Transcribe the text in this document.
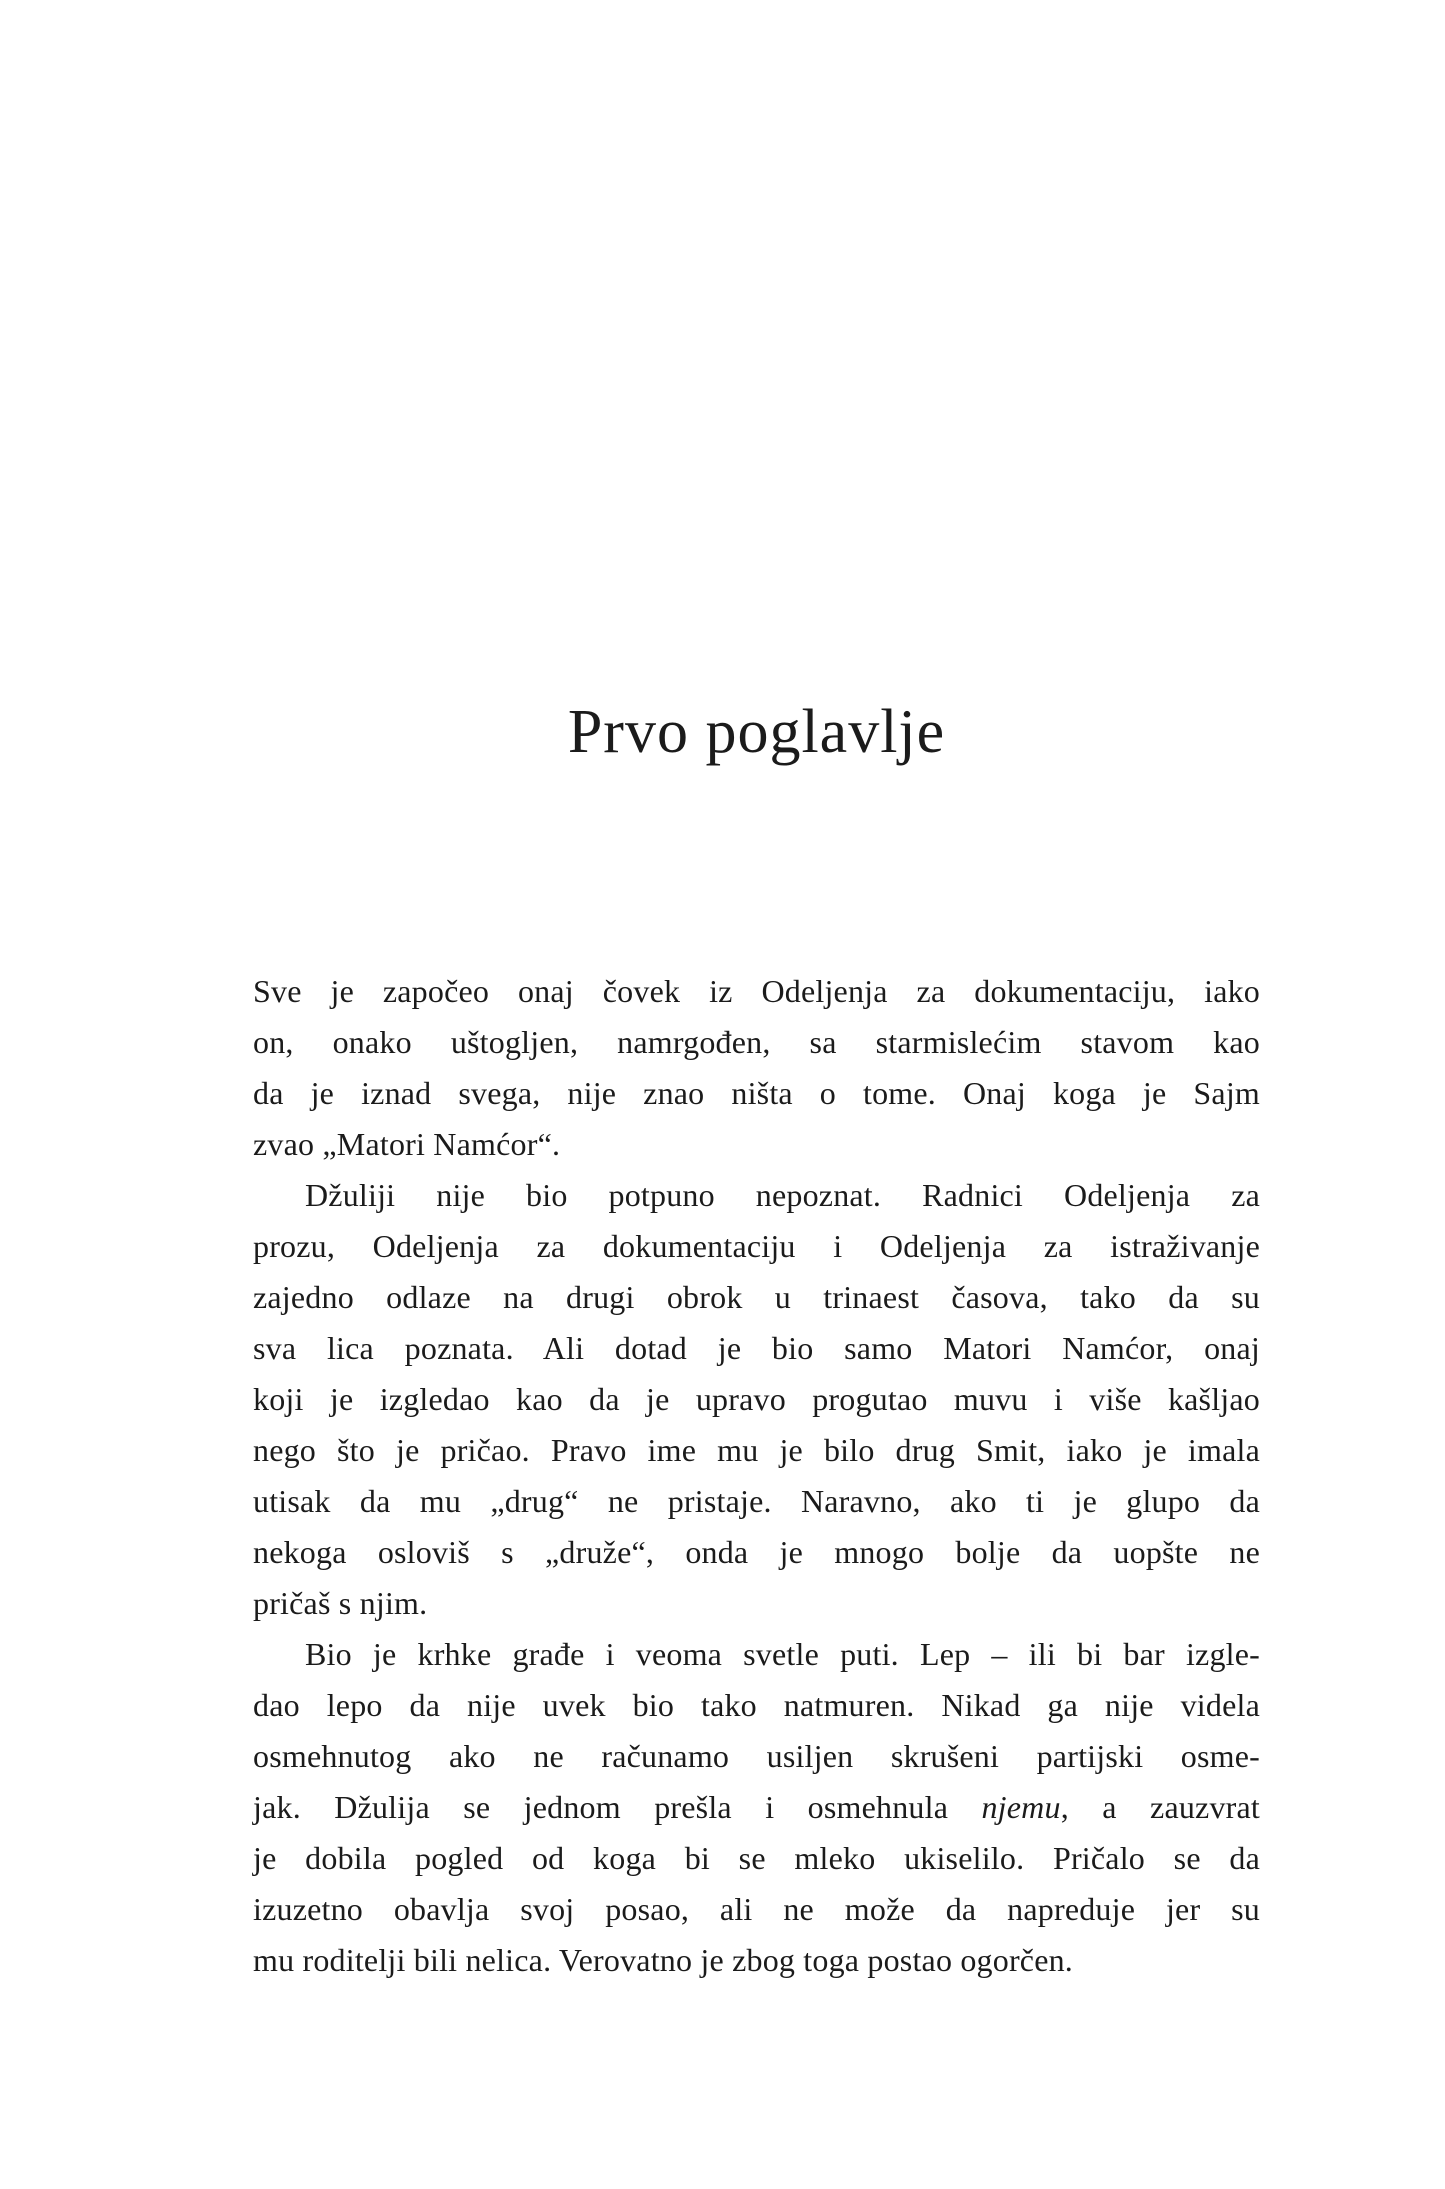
Prvo poglavlje
Sve je započeo onaj čovek iz Odeljenja za dokumentaciju, iako
on, onako uštogljen, namrgođen, sa starmislećim stavom kao
da je iznad svega, nije znao ništa o tome. Onaj koga je Sajm
zvao „Matori Namćor“.
Džuliji nije bio potpuno nepoznat. Radnici Odeljenja za
prozu, Odeljenja za dokumentaciju i Odeljenja za istraživanje
zajedno odlaze na drugi obrok u trinaest časova, tako da su
sva lica poznata. Ali dotad je bio samo Matori Namćor, onaj
koji je izgledao kao da je upravo progutao muvu i više kašljao
nego što je pričao. Pravo ime mu je bilo drug Smit, iako je imala
utisak da mu „drug“ ne pristaje. Naravno, ako ti je glupo da
nekoga osloviš s „druže“, onda je mnogo bolje da uopšte ne
pričaš s njim.
Bio je krhke građe i veoma svetle puti. Lep – ili bi bar izgle-
dao lepo da nije uvek bio tako natmuren. Nikad ga nije videla
osmehnutog ako ne računamo usiljen skrušeni partijski osme-
jak. Džulija se jednom prešla i osmehnula njemu, a zauzvrat
je dobila pogled od koga bi se mleko ukiselilo. Pričalo se da
izuzetno obavlja svoj posao, ali ne može da napreduje jer su
mu roditelji bili nelica. Verovatno je zbog toga postao ogorčen.
